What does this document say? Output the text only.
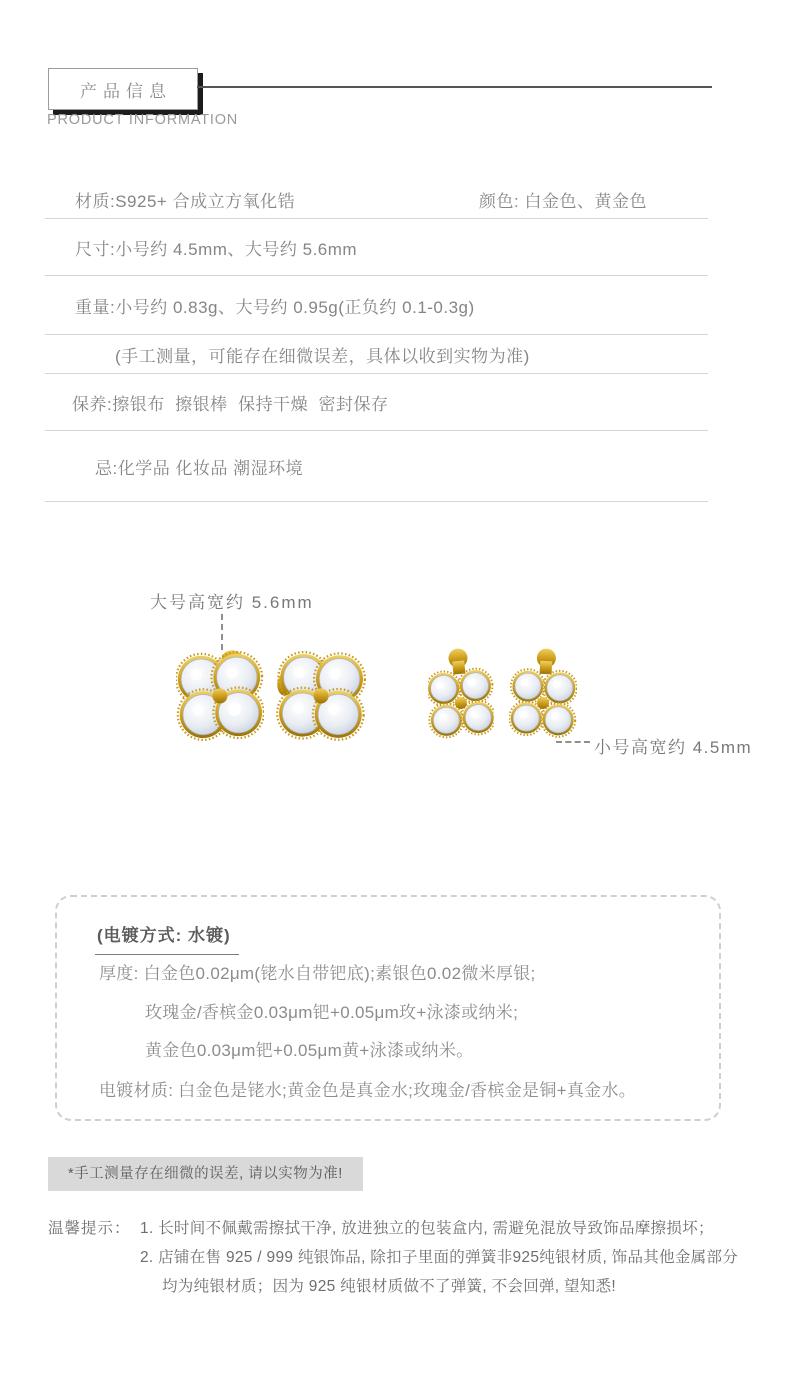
产品信息
PRODUCT INFORMATION
材质:S925+ 合成立方氧化锆	颜色: 白金色、黄金色
尺寸:小号约 4.5mm、大号约 5.6mm
重量:小号约 0.83g、大号约 0.95g(正负约 0.1-0.3g)
(手工测量，可能存在细微误差，具体以收到实物为准)
保养:擦银布  擦银棒  保持干燥  密封保存
忌:化学品 化妆品 潮湿环境
大号高宽约 5.6mm
小号高宽约 4.5mm
(电镀方式: 水镀)
厚度: 白金色0.02μm(铑水自带钯底);素银色0.02微米厚银;
玫瑰金/香槟金0.03μm钯+0.05μm玫+泳漆或纳米;
黄金色0.03μm钯+0.05μm黄+泳漆或纳米。
电镀材质: 白金色是铑水;黄金色是真金水;玫瑰金/香槟金是铜+真金水。
*手工测量存在细微的误差, 请以实物为准!
温馨提示： 1. 长时间不佩戴需擦拭干净, 放进独立的包装盒内, 需避免混放导致饰品摩擦损坏；
2. 店铺在售 925 / 999 纯银饰品, 除扣子里面的弹簧非925纯银材质, 饰品其他金属部分
均为纯银材质；因为 925 纯银材质做不了弹簧, 不会回弹, 望知悉!
